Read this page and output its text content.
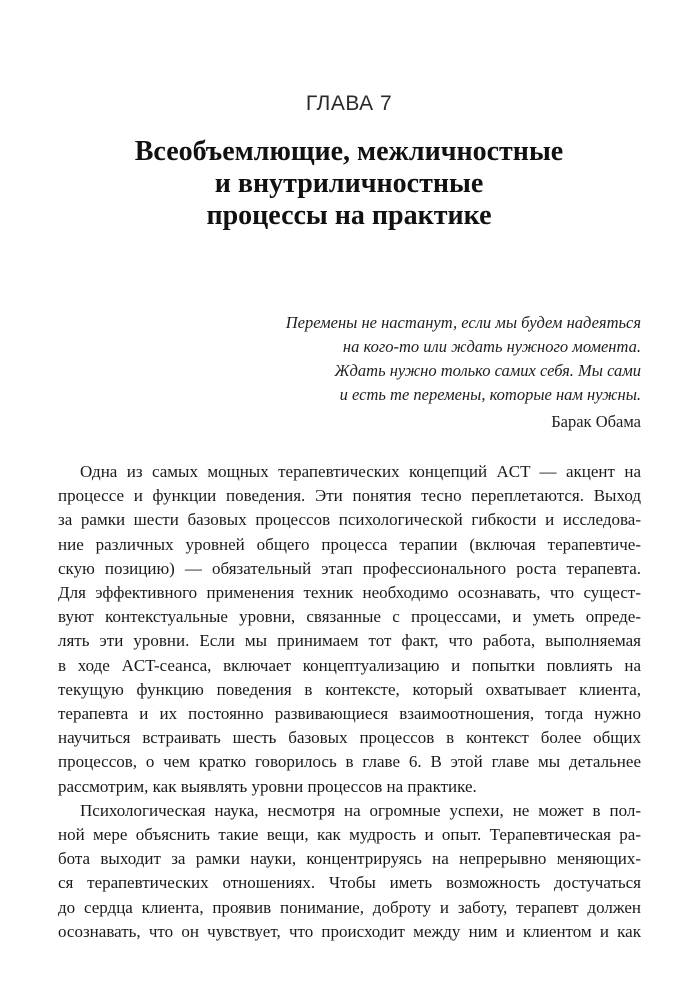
ГЛАВА 7
Всеобъемлющие, межличностные
и внутриличностные
процессы на практике
Перемены не настанут, если мы будем надеяться
на кого-то или ждать нужного момента.
Ждать нужно только самих себя. Мы сами
и есть те перемены, которые нам нужны.
Барак Обама

Одна из самых мощных терапевтических концепций ACT — акцент на
процессе и функции поведения. Эти понятия тесно переплетаются. Выход
за рамки шести базовых процессов психологической гибкости и исследова-
ние различных уровней общего процесса терапии (включая терапевтиче-
скую позицию) — обязательный этап профессионального роста терапевта.
Для эффективного применения техник необходимо осознавать, что сущест-
вуют контекстуальные уровни, связанные с процессами, и уметь опреде-
лять эти уровни. Если мы принимаем тот факт, что работа, выполняемая
в ходе ACT-сеанса, включает концептуализацию и попытки повлиять на
текущую функцию поведения в контексте, который охватывает клиента,
терапевта и их постоянно развивающиеся взаимоотношения, тогда нужно
научиться встраивать шесть базовых процессов в контекст более общих
процессов, о чем кратко говорилось в главе 6. В этой главе мы детальнее
рассмотрим, как выявлять уровни процессов на практике.

Психологическая наука, несмотря на огромные успехи, не может в пол-
ной мере объяснить такие вещи, как мудрость и опыт. Терапевтическая ра-
бота выходит за рамки науки, концентрируясь на непрерывно меняющих-
ся терапевтических отношениях. Чтобы иметь возможность достучаться
до сердца клиента, проявив понимание, доброту и заботу, терапевт должен
осознавать, что он чувствует, что происходит между ним и клиентом и как
